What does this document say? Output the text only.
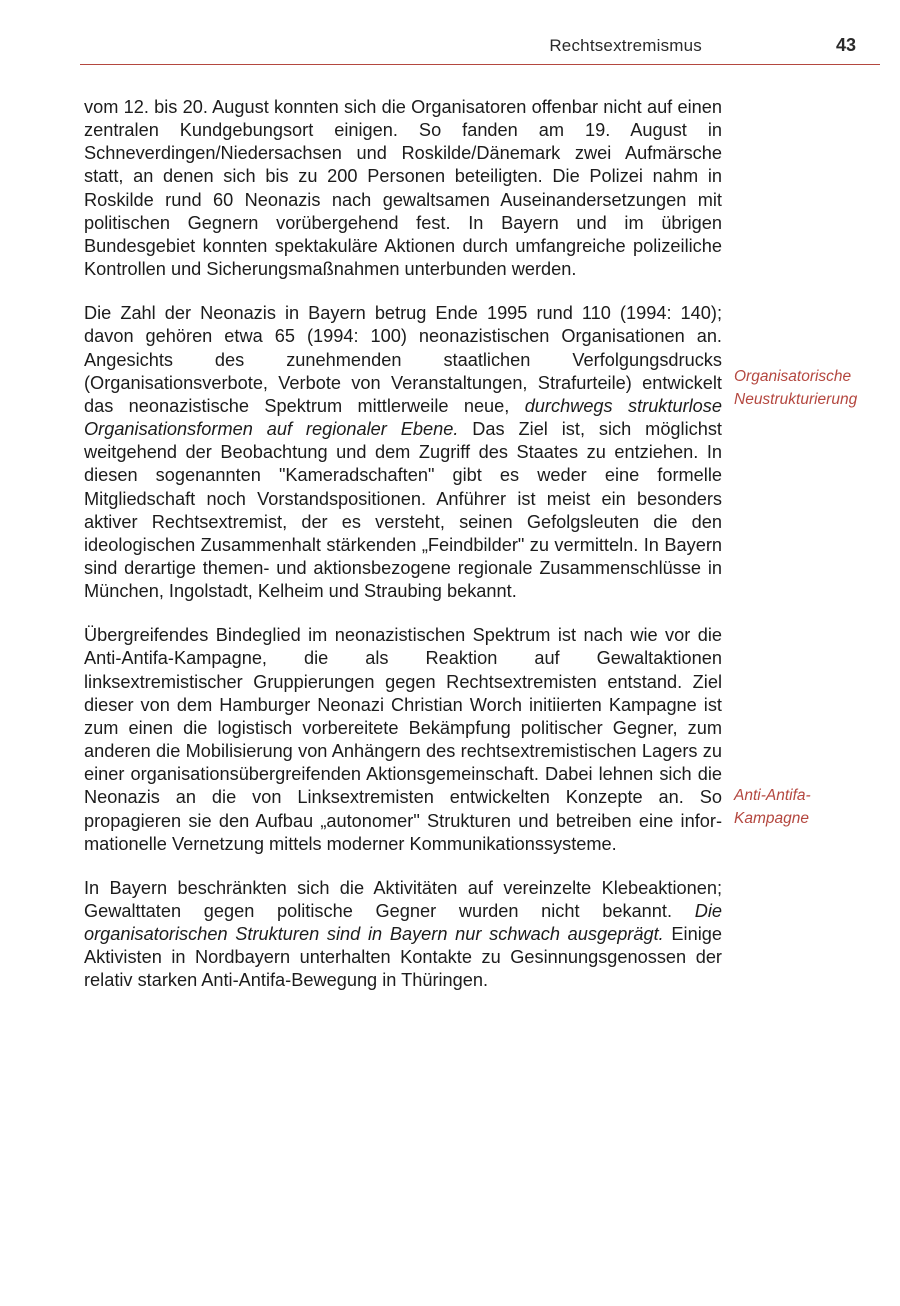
Rechtsextremismus	43

vom 12. bis 20. August konnten sich die Organisatoren offenbar nicht auf einen zentralen Kundgebungsort einigen. So fanden am 19. August in Schneverdingen/Niedersachsen und Roskilde/Dänemark zwei Aufmärsche statt, an denen sich bis zu 200 Personen beteiligten. Die Polizei nahm in Roskilde rund 60 Neonazis nach gewaltsamen Auseinandersetzungen mit politischen Gegnern vorübergehend fest. In Bayern und im übrigen Bundesgebiet konnten spektakuläre Aktionen durch umfangreiche polizeiliche Kontrollen und Sicherungsmaßnahmen unterbunden werden.

Die Zahl der Neonazis in Bayern betrug Ende 1995 rund 110 (1994: 140); davon gehören etwa 65 (1994: 100) neonazistischen Organisationen an. Angesichts des zunehmenden staatlichen Verfolgungsdrucks (Organisationsverbote, Verbote von Veranstaltungen, Strafurteile) entwickelt das neonazistische Spektrum mittlerweile neue, durchwegs strukturlose Organisationsformen auf regionaler Ebene. Das Ziel ist, sich möglichst weitgehend der Beobachtung und dem Zugriff des Staates zu entziehen. In diesen sogenannten "Kameradschaften" gibt es weder eine formelle Mitgliedschaft noch Vorstandspositionen. Anführer ist meist ein besonders aktiver Rechtsextremist, der es versteht, seinen Gefolgsleuten die den ideologischen Zusammenhalt stärkenden „Feindbilder" zu vermitteln. In Bayern sind derartige themen- und aktionsbezogene regionale Zusammenschlüsse in München, Ingolstadt, Kelheim und Straubing bekannt.

Übergreifendes Bindeglied im neonazistischen Spektrum ist nach wie vor die Anti-Antifa-Kampagne, die als Reaktion auf Gewaltaktionen linksextremistischer Gruppierungen gegen Rechtsextremisten entstand. Ziel dieser von dem Hamburger Neonazi Christian Worch initiierten Kampagne ist zum einen die logistisch vorbereitete Bekämpfung politischer Gegner, zum anderen die Mobilisierung von Anhängern des rechtsextremistischen Lagers zu einer organisationsübergreifenden Aktionsgemeinschaft. Dabei lehnen sich die Neonazis an die von Linksextremisten entwickelten Konzepte an. So propagieren sie den Aufbau „autonomer" Strukturen und betreiben eine informationelle Vernetzung mittels moderner Kommunikationssysteme.

In Bayern beschränkten sich die Aktivitäten auf vereinzelte Klebeaktionen; Gewalttaten gegen politische Gegner wurden nicht bekannt. Die organisatorischen Strukturen sind in Bayern nur schwach ausgeprägt. Einige Aktivisten in Nordbayern unterhalten Kontakte zu Gesinnungsgenossen der relativ starken Anti-Antifa-Bewegung in Thüringen.

Organisatorische
Neustrukturierung
Anti-Antifa-
Kampagne
